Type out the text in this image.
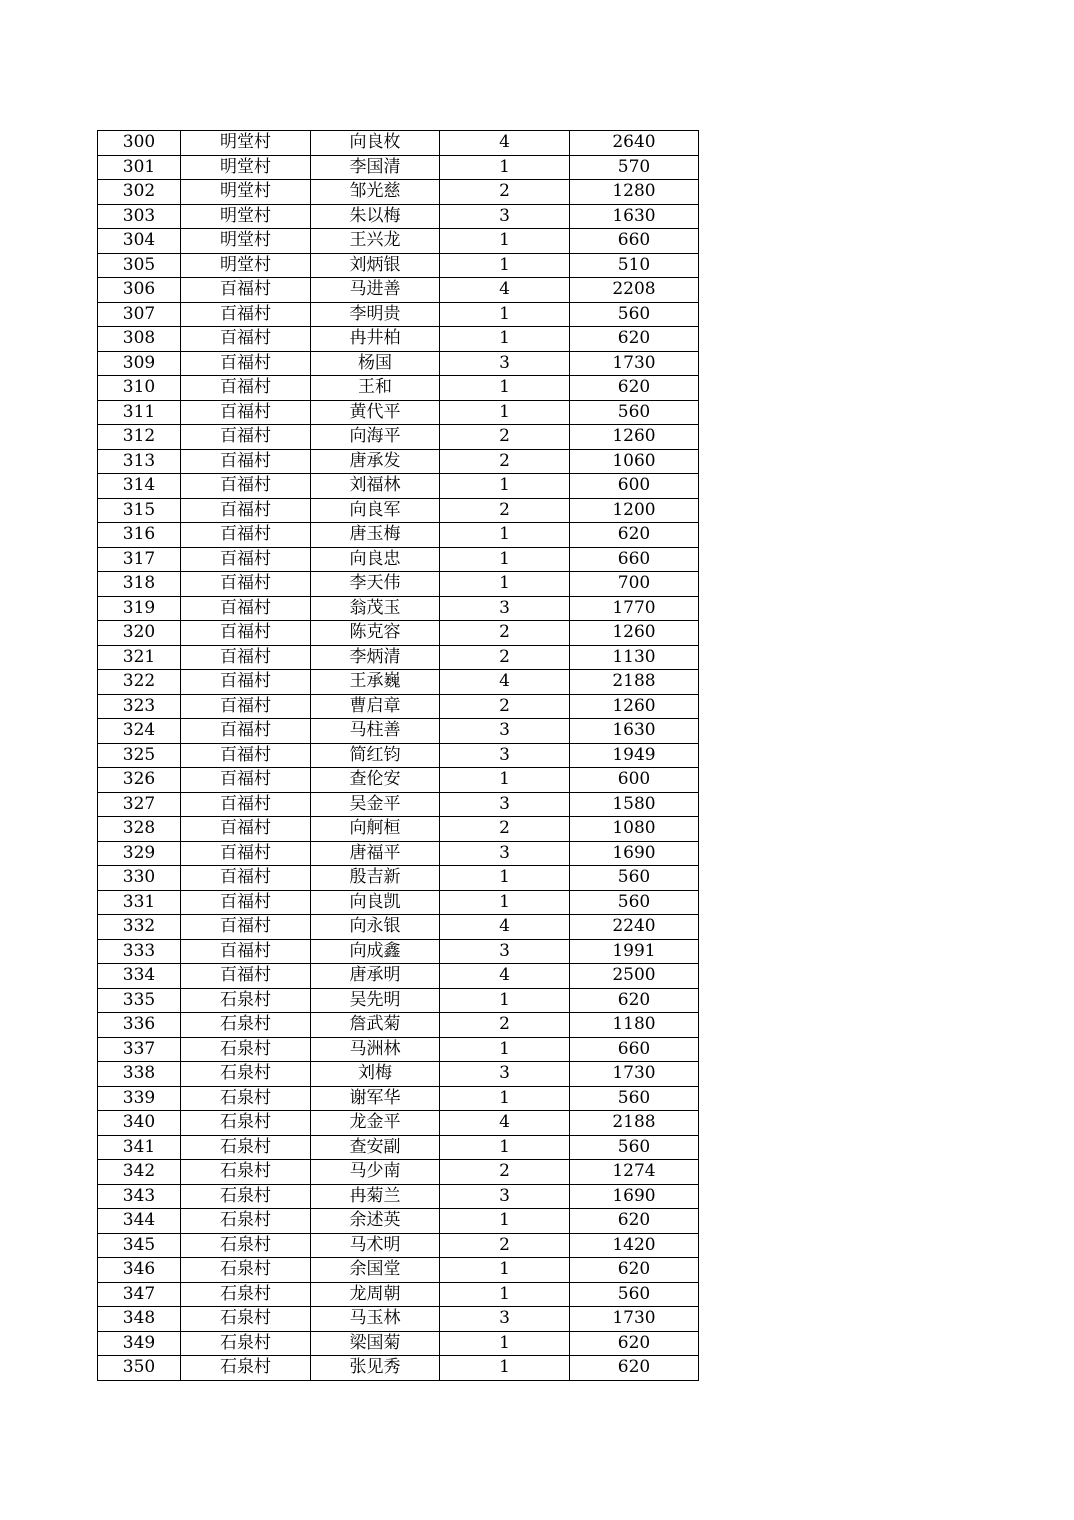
300	明堂村	向良枚	4	2640
301	明堂村	李国清	1	570
302	明堂村	邹光慈	2	1280
303	明堂村	朱以梅	3	1630
304	明堂村	王兴龙	1	660
305	明堂村	刘炳银	1	510
306	百福村	马进善	4	2208
307	百福村	李明贵	1	560
308	百福村	冉井柏	1	620
309	百福村	杨国	3	1730
310	百福村	王和	1	620
311	百福村	黄代平	1	560
312	百福村	向海平	2	1260
313	百福村	唐承发	2	1060
314	百福村	刘福林	1	600
315	百福村	向良军	2	1200
316	百福村	唐玉梅	1	620
317	百福村	向良忠	1	660
318	百福村	李天伟	1	700
319	百福村	翁茂玉	3	1770
320	百福村	陈克容	2	1260
321	百福村	李炳清	2	1130
322	百福村	王承巍	4	2188
323	百福村	曹启章	2	1260
324	百福村	马柱善	3	1630
325	百福村	简红钧	3	1949
326	百福村	查伦安	1	600
327	百福村	吴金平	3	1580
328	百福村	向舸桓	2	1080
329	百福村	唐福平	3	1690
330	百福村	殷吉新	1	560
331	百福村	向良凯	1	560
332	百福村	向永银	4	2240
333	百福村	向成鑫	3	1991
334	百福村	唐承明	4	2500
335	石泉村	吴先明	1	620
336	石泉村	詹武菊	2	1180
337	石泉村	马洲林	1	660
338	石泉村	刘梅	3	1730
339	石泉村	谢军华	1	560
340	石泉村	龙金平	4	2188
341	石泉村	查安副	1	560
342	石泉村	马少南	2	1274
343	石泉村	冉菊兰	3	1690
344	石泉村	余述英	1	620
345	石泉村	马术明	2	1420
346	石泉村	余国堂	1	620
347	石泉村	龙周朝	1	560
348	石泉村	马玉林	3	1730
349	石泉村	梁国菊	1	620
350	石泉村	张见秀	1	620
